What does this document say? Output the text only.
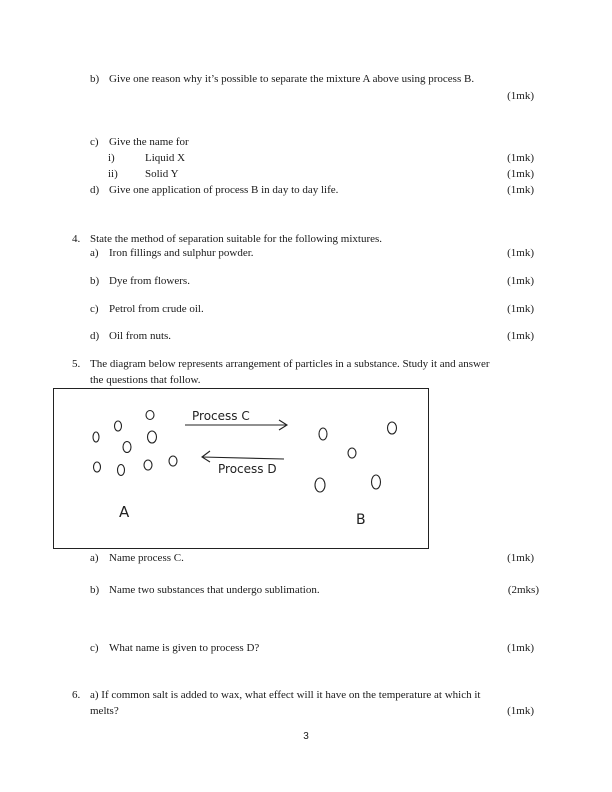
b) Give one reason why it’s possible to separate the mixture A above using process B.
(1mk)
c) Give the name for
i)	Liquid X	(1mk)
ii) Solid Y	(1mk)
d) Give one application of process B in day to day life.	(1mk)
4. State the method of separation suitable for the following mixtures.
a) Iron fillings and sulphur powder.	(1mk)
b) Dye from flowers.	(1mk)
c) Petrol from crude oil.	(1mk)
d) Oil from nuts.	(1mk)
5. The diagram below represents arrangement of particles in a substance. Study it and answer
the questions that follow.
Process C
Process D
A	B
a) Name process C.	(1mk)
b) Name two substances that undergo sublimation.	(2mks)
c) What name is given to process D?	(1mk)
6. a) If common salt is added to wax, what effect will it have on the temperature at which it
melts?	(1mk)
3
